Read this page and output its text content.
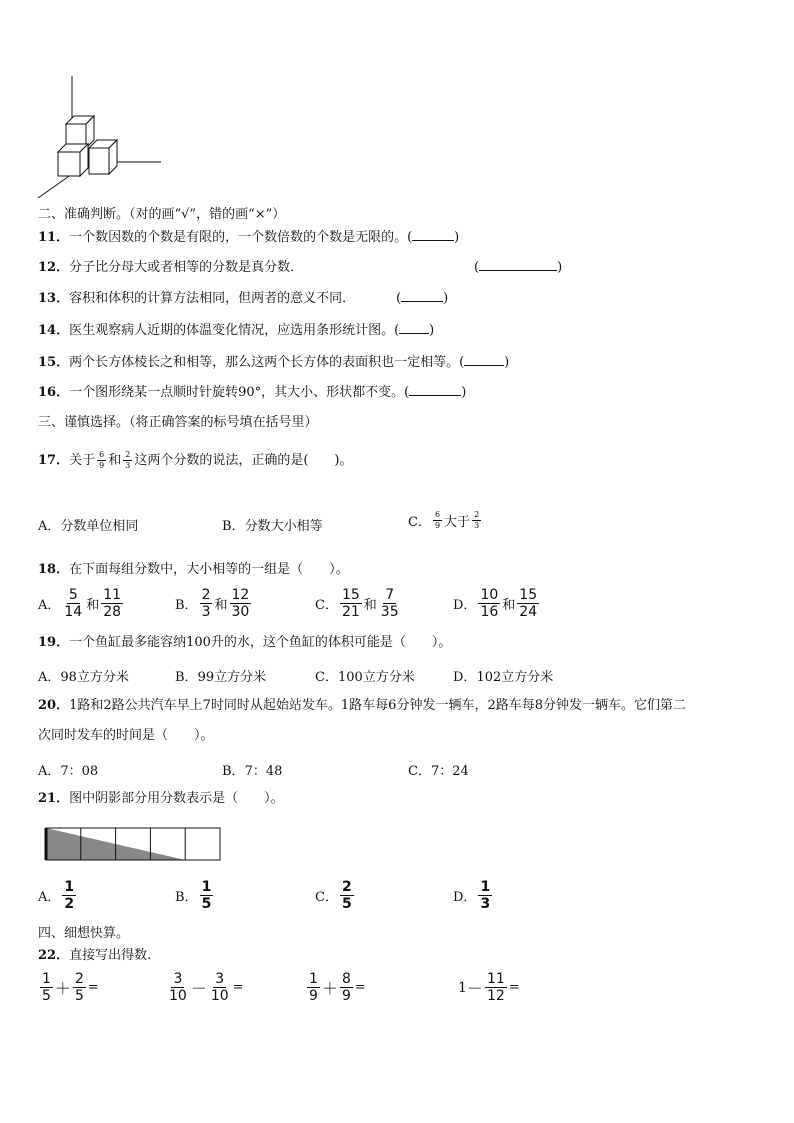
二、准确判断。（对的画“√”，错的画“×”）
11．一个数因数的个数是有限的，一个数倍数的个数是无限的。(	)
12．分子比分母大或者相等的分数是真分数．	(	)
13．容积和体积的计算方法相同，但两者的意义不同．	(	)
14．医生观察病人近期的体温变化情况，应选用条形统计图。( )
15．两个长方体棱长之和相等，那么这两个长方体的表面积也一定相等。(	)
16．一个图形绕某一点顺时针旋转90°，其大小、形状都不变。(	)
三、谨慎选择。（将正确答案的标号填在括号里）
17． 关于 $\frac{6}{9}$ 和 $\frac{2}{3}$ 这两个分数的说法，正确的是(　　)。
A．分数单位相同	B．分数大小相等	C． $\frac{6}{9}$ 大于 $\frac{2}{3}$
18．在下面每组分数中，大小相等的一组是（　　）。
A． $\frac{5}{14}$ 和 $\frac{11}{28}$	B． $\frac{2}{3}$ 和 $\frac{12}{30}$	C． $\frac{15}{21}$ 和 $\frac{7}{35}$	D． $\frac{10}{16}$ 和 $\frac{15}{24}$
19．一个鱼缸最多能容纳100升的水，这个鱼缸的体积可能是（　　）。
A．98立方分米	B．99立方分米	C．100立方分米	D．102立方分米
20．1路和2路公共汽车早上7时同时从起始站发车。1路车每6分钟发一辆车，2路车每8分钟发一辆车。它们第二
次同时发车的时间是（　　）。
A．7：08	B．7：48	C．7：24
21．图中阴影部分用分数表示是（　　）。
A． $\frac{1}{2}$	B． $\frac{1}{5}$	C． $\frac{2}{5}$	D． $\frac{1}{3}$
四、细想快算。
22．直接写出得数.
$\frac{1}{5} + \frac{2}{5}$ =	$\frac{3}{10} - \frac{3}{10}$ =	$\frac{1}{9} + \frac{8}{9}$ =	$1 - \frac{11}{12}$ =
